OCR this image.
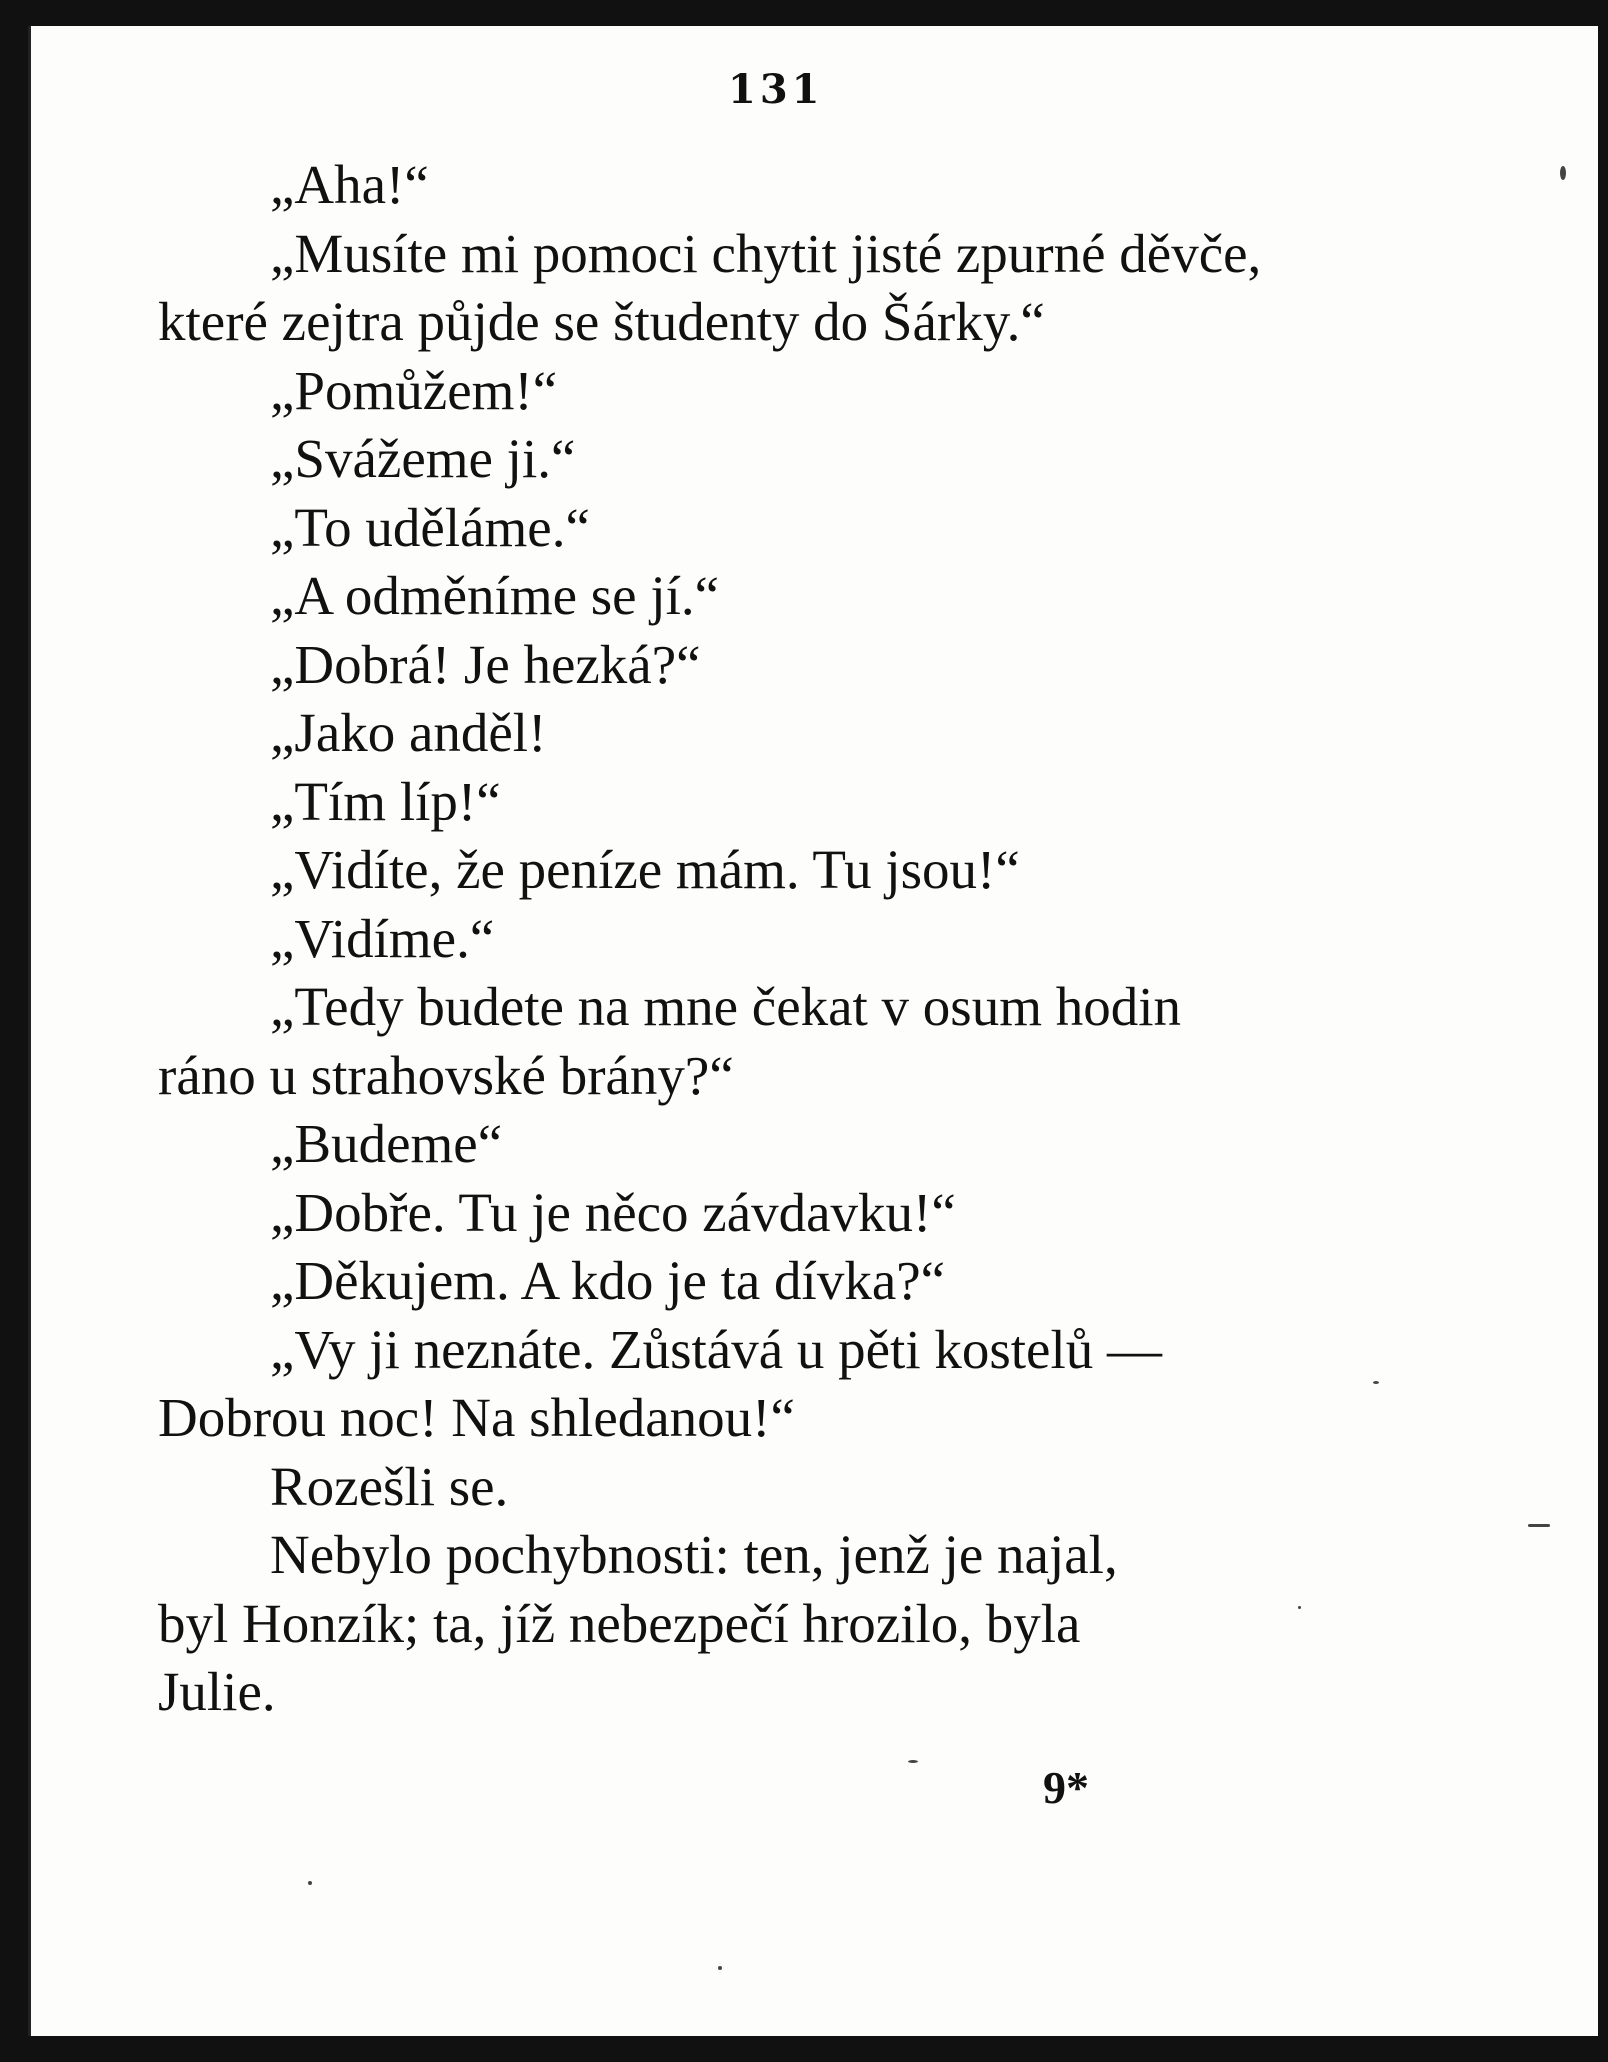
131
„Aha!“
„Musíte mi pomoci chytit jisté zpurné děvče,
které zejtra půjde se študenty do Šárky.“
„Pomůžem!“
„Svážeme ji.“
„To uděláme.“
„A odměníme se jí.“
„Dobrá! Je hezká?“
„Jako anděl!
„Tím líp!“
„Vidíte, že peníze mám. Tu jsou!“
„Vidíme.“
„Tedy budete na mne čekat v osum hodin
ráno u strahovské brány?“
„Budeme“
„Dobře. Tu je něco závdavku!“
„Děkujem. A kdo je ta dívka?“
„Vy ji neznáte. Zůstává u pěti kostelů —
Dobrou noc! Na shledanou!“
Rozešli se.
Nebylo pochybnosti: ten, jenž je najal,
byl Honzík; ta, jíž nebezpečí hrozilo, byla
Julie.
9*
